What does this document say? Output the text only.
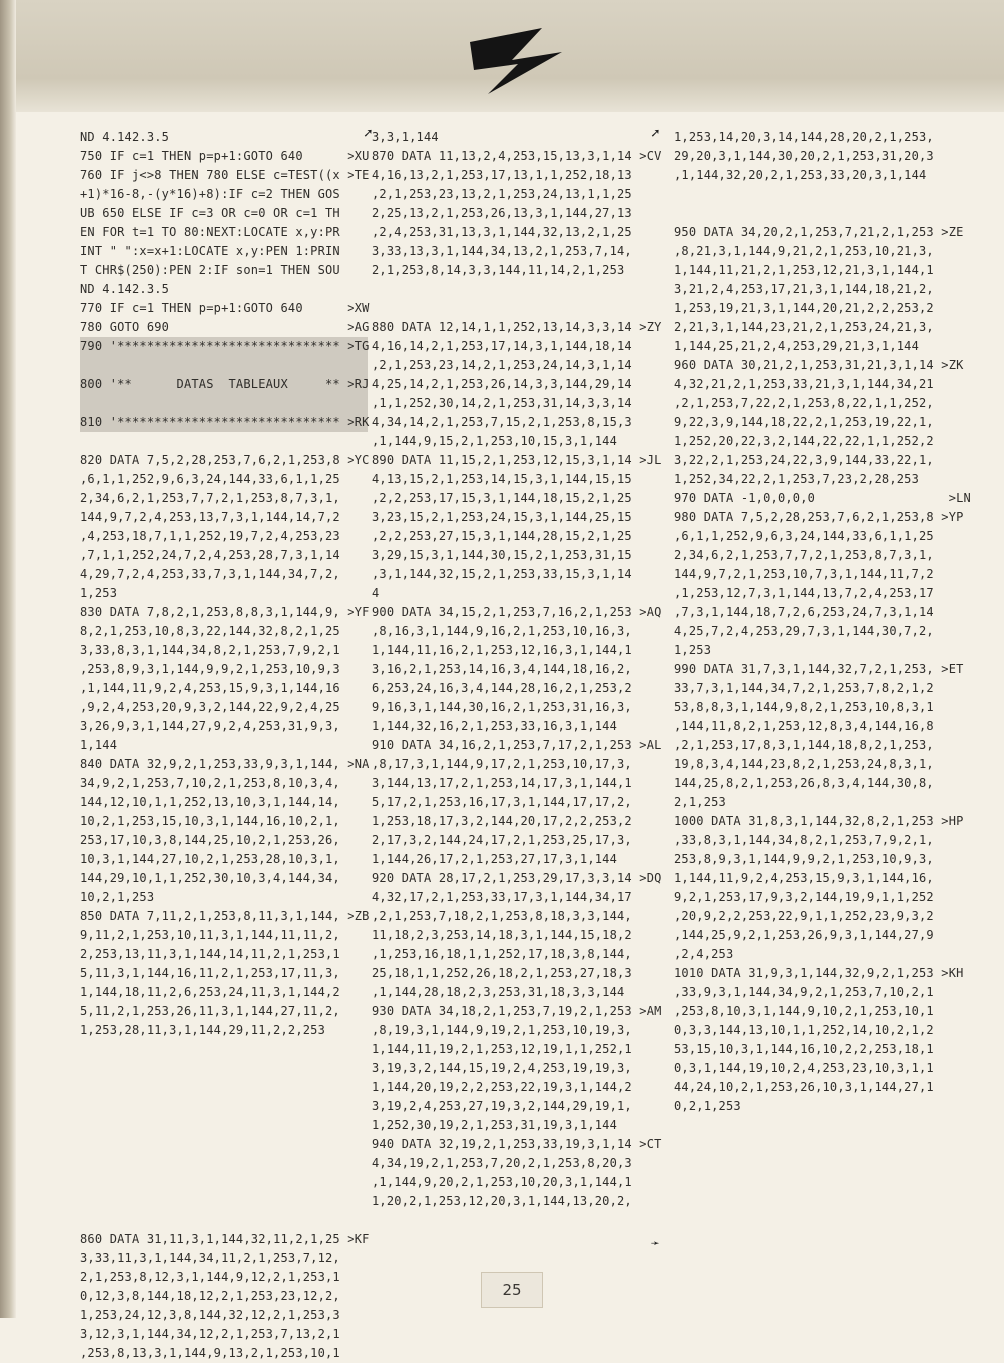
➚	➚
➛
ND 4.142.3.5
750 IF c=1 THEN p=p+1:GOTO 640      >XU
760 IF j<>8 THEN 780 ELSE c=TEST((x >TE
+1)*16-8,-(y*16)+8):IF c=2 THEN GOS
UB 650 ELSE IF c=3 OR c=0 OR c=1 TH
EN FOR t=1 TO 80:NEXT:LOCATE x,y:PR
INT " ":x=x+1:LOCATE x,y:PEN 1:PRIN
T CHR$(250):PEN 2:IF son=1 THEN SOU
ND 4.142.3.5
770 IF c=1 THEN p=p+1:GOTO 640      >XW
780 GOTO 690                        >AG
790 '****************************** >TG
800 '**      DATAS  TABLEAUX     ** >RJ
810 '****************************** >RK
820 DATA 7,5,2,28,253,7,6,2,1,253,8 >YC
,6,1,1,252,9,6,3,24,144,33,6,1,1,25
2,34,6,2,1,253,7,7,2,1,253,8,7,3,1,
144,9,7,2,4,253,13,7,3,1,144,14,7,2
,4,253,18,7,1,1,252,19,7,2,4,253,23
,7,1,1,252,24,7,2,4,253,28,7,3,1,14
4,29,7,2,4,253,33,7,3,1,144,34,7,2,
1,253
830 DATA 7,8,2,1,253,8,8,3,1,144,9, >YF
8,2,1,253,10,8,3,22,144,32,8,2,1,25
3,33,8,3,1,144,34,8,2,1,253,7,9,2,1
,253,8,9,3,1,144,9,9,2,1,253,10,9,3
,1,144,11,9,2,4,253,15,9,3,1,144,16
,9,2,4,253,20,9,3,2,144,22,9,2,4,25
3,26,9,3,1,144,27,9,2,4,253,31,9,3,
1,144
840 DATA 32,9,2,1,253,33,9,3,1,144, >NA
34,9,2,1,253,7,10,2,1,253,8,10,3,4,
144,12,10,1,1,252,13,10,3,1,144,14,
10,2,1,253,15,10,3,1,144,16,10,2,1,
253,17,10,3,8,144,25,10,2,1,253,26,
10,3,1,144,27,10,2,1,253,28,10,3,1,
144,29,10,1,1,252,30,10,3,4,144,34,
10,2,1,253
850 DATA 7,11,2,1,253,8,11,3,1,144, >ZB
9,11,2,1,253,10,11,3,1,144,11,11,2,
2,253,13,11,3,1,144,14,11,2,1,253,1
5,11,3,1,144,16,11,2,1,253,17,11,3,
1,144,18,11,2,6,253,24,11,3,1,144,2
5,11,2,1,253,26,11,3,1,144,27,11,2,
1,253,28,11,3,1,144,29,11,2,2,253
860 DATA 31,11,3,1,144,32,11,2,1,25 >KF
3,33,11,3,1,144,34,11,2,1,253,7,12,
2,1,253,8,12,3,1,144,9,12,2,1,253,1
0,12,3,8,144,18,12,2,1,253,23,12,2,
1,253,24,12,3,8,144,32,12,2,1,253,3
3,12,3,1,144,34,12,2,1,253,7,13,2,1
,253,8,13,3,1,144,9,13,2,1,253,10,1
3,3,1,144
870 DATA 11,13,2,4,253,15,13,3,1,14 >CV
4,16,13,2,1,253,17,13,1,1,252,18,13
,2,1,253,23,13,2,1,253,24,13,1,1,25
2,25,13,2,1,253,26,13,3,1,144,27,13
,2,4,253,31,13,3,1,144,32,13,2,1,25
3,33,13,3,1,144,34,13,2,1,253,7,14,
2,1,253,8,14,3,3,144,11,14,2,1,253
880 DATA 12,14,1,1,252,13,14,3,3,14 >ZY
4,16,14,2,1,253,17,14,3,1,144,18,14
,2,1,253,23,14,2,1,253,24,14,3,1,14
4,25,14,2,1,253,26,14,3,3,144,29,14
,1,1,252,30,14,2,1,253,31,14,3,3,14
4,34,14,2,1,253,7,15,2,1,253,8,15,3
,1,144,9,15,2,1,253,10,15,3,1,144
890 DATA 11,15,2,1,253,12,15,3,1,14 >JL
4,13,15,2,1,253,14,15,3,1,144,15,15
,2,2,253,17,15,3,1,144,18,15,2,1,25
3,23,15,2,1,253,24,15,3,1,144,25,15
,2,2,253,27,15,3,1,144,28,15,2,1,25
3,29,15,3,1,144,30,15,2,1,253,31,15
,3,1,144,32,15,2,1,253,33,15,3,1,14
4
900 DATA 34,15,2,1,253,7,16,2,1,253 >AQ
,8,16,3,1,144,9,16,2,1,253,10,16,3,
1,144,11,16,2,1,253,12,16,3,1,144,1
3,16,2,1,253,14,16,3,4,144,18,16,2,
6,253,24,16,3,4,144,28,16,2,1,253,2
9,16,3,1,144,30,16,2,1,253,31,16,3,
1,144,32,16,2,1,253,33,16,3,1,144
910 DATA 34,16,2,1,253,7,17,2,1,253 >AL
,8,17,3,1,144,9,17,2,1,253,10,17,3,
3,144,13,17,2,1,253,14,17,3,1,144,1
5,17,2,1,253,16,17,3,1,144,17,17,2,
1,253,18,17,3,2,144,20,17,2,2,253,2
2,17,3,2,144,24,17,2,1,253,25,17,3,
1,144,26,17,2,1,253,27,17,3,1,144
920 DATA 28,17,2,1,253,29,17,3,3,14 >DQ
4,32,17,2,1,253,33,17,3,1,144,34,17
,2,1,253,7,18,2,1,253,8,18,3,3,144,
11,18,2,3,253,14,18,3,1,144,15,18,2
,1,253,16,18,1,1,252,17,18,3,8,144,
25,18,1,1,252,26,18,2,1,253,27,18,3
,1,144,28,18,2,3,253,31,18,3,3,144
930 DATA 34,18,2,1,253,7,19,2,1,253 >AM
,8,19,3,1,144,9,19,2,1,253,10,19,3,
1,144,11,19,2,1,253,12,19,1,1,252,1
3,19,3,2,144,15,19,2,4,253,19,19,3,
1,144,20,19,2,2,253,22,19,3,1,144,2
3,19,2,4,253,27,19,3,2,144,29,19,1,
1,252,30,19,2,1,253,31,19,3,1,144
940 DATA 32,19,2,1,253,33,19,3,1,14 >CT
4,34,19,2,1,253,7,20,2,1,253,8,20,3
,1,144,9,20,2,1,253,10,20,3,1,144,1
1,20,2,1,253,12,20,3,1,144,13,20,2,
1,253,14,20,3,14,144,28,20,2,1,253,
29,20,3,1,144,30,20,2,1,253,31,20,3
,1,144,32,20,2,1,253,33,20,3,1,144
950 DATA 34,20,2,1,253,7,21,2,1,253 >ZE
,8,21,3,1,144,9,21,2,1,253,10,21,3,
1,144,11,21,2,1,253,12,21,3,1,144,1
3,21,2,4,253,17,21,3,1,144,18,21,2,
1,253,19,21,3,1,144,20,21,2,2,253,2
2,21,3,1,144,23,21,2,1,253,24,21,3,
1,144,25,21,2,4,253,29,21,3,1,144
960 DATA 30,21,2,1,253,31,21,3,1,14 >ZK
4,32,21,2,1,253,33,21,3,1,144,34,21
,2,1,253,7,22,2,1,253,8,22,1,1,252,
9,22,3,9,144,18,22,2,1,253,19,22,1,
1,252,20,22,3,2,144,22,22,1,1,252,2
3,22,2,1,253,24,22,3,9,144,33,22,1,
1,252,34,22,2,1,253,7,23,2,28,253
970 DATA -1,0,0,0,0                  >LN
980 DATA 7,5,2,28,253,7,6,2,1,253,8 >YP
,6,1,1,252,9,6,3,24,144,33,6,1,1,25
2,34,6,2,1,253,7,7,2,1,253,8,7,3,1,
144,9,7,2,1,253,10,7,3,1,144,11,7,2
,1,253,12,7,3,1,144,13,7,2,4,253,17
,7,3,1,144,18,7,2,6,253,24,7,3,1,14
4,25,7,2,4,253,29,7,3,1,144,30,7,2,
1,253
990 DATA 31,7,3,1,144,32,7,2,1,253, >ET
33,7,3,1,144,34,7,2,1,253,7,8,2,1,2
53,8,8,3,1,144,9,8,2,1,253,10,8,3,1
,144,11,8,2,1,253,12,8,3,4,144,16,8
,2,1,253,17,8,3,1,144,18,8,2,1,253,
19,8,3,4,144,23,8,2,1,253,24,8,3,1,
144,25,8,2,1,253,26,8,3,4,144,30,8,
2,1,253
1000 DATA 31,8,3,1,144,32,8,2,1,253 >HP
,33,8,3,1,144,34,8,2,1,253,7,9,2,1,
253,8,9,3,1,144,9,9,2,1,253,10,9,3,
1,144,11,9,2,4,253,15,9,3,1,144,16,
9,2,1,253,17,9,3,2,144,19,9,1,1,252
,20,9,2,2,253,22,9,1,1,252,23,9,3,2
,144,25,9,2,1,253,26,9,3,1,144,27,9
,2,4,253
1010 DATA 31,9,3,1,144,32,9,2,1,253 >KH
,33,9,3,1,144,34,9,2,1,253,7,10,2,1
,253,8,10,3,1,144,9,10,2,1,253,10,1
0,3,3,144,13,10,1,1,252,14,10,2,1,2
53,15,10,3,1,144,16,10,2,2,253,18,1
0,3,1,144,19,10,2,4,253,23,10,3,1,1
44,24,10,2,1,253,26,10,3,1,144,27,1
0,2,1,253
25
